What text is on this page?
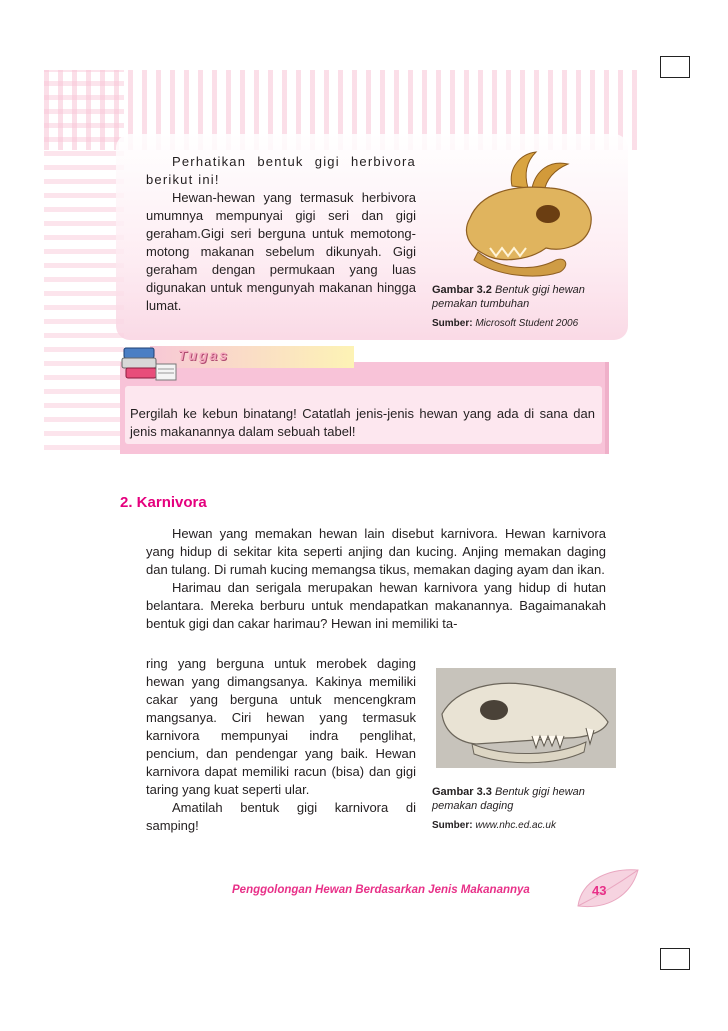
Perhatikan bentuk gigi herbivora berikut ini!

Hewan-hewan yang termasuk herbivora umumnya mempunyai gigi seri dan gigi geraham.Gigi seri berguna untuk memotong-motong makanan sebelum dikunyah. Gigi geraham dengan permukaan yang luas digunakan untuk mengunyah makanan hingga lumat.

Gambar 3.2 Bentuk gigi hewan pemakan tumbuhan
Sumber: Microsoft Student 2006
Tugas
Pergilah ke kebun binatang! Catatlah jenis-jenis hewan yang ada di sana dan jenis makanannya dalam sebuah tabel!
2. Karnivora

Hewan yang memakan hewan lain disebut karnivora. Hewan karnivora yang hidup di sekitar kita seperti anjing dan kucing. Anjing memakan daging dan tulang. Di rumah kucing memangsa tikus, memakan daging ayam dan ikan.

Harimau dan serigala merupakan hewan karnivora yang hidup di hutan belantara. Mereka berburu untuk mendapatkan makanannya. Bagaimanakah bentuk gigi dan cakar harimau? Hewan ini memiliki ta-

ring yang berguna untuk merobek daging hewan yang dimangsanya. Kakinya memiliki cakar yang berguna untuk mencengkram mangsanya. Ciri hewan yang termasuk karnivora mempunyai indra penglihat, pencium, dan pendengar yang baik. Hewan karnivora dapat memiliki racun (bisa) dan gigi taring yang kuat seperti ular.

Amatilah bentuk gigi karnivora di samping!

Gambar 3.3 Bentuk gigi hewan pemakan daging
Sumber: www.nhc.ed.ac.uk
Penggolongan Hewan Berdasarkan Jenis Makanannya	43
